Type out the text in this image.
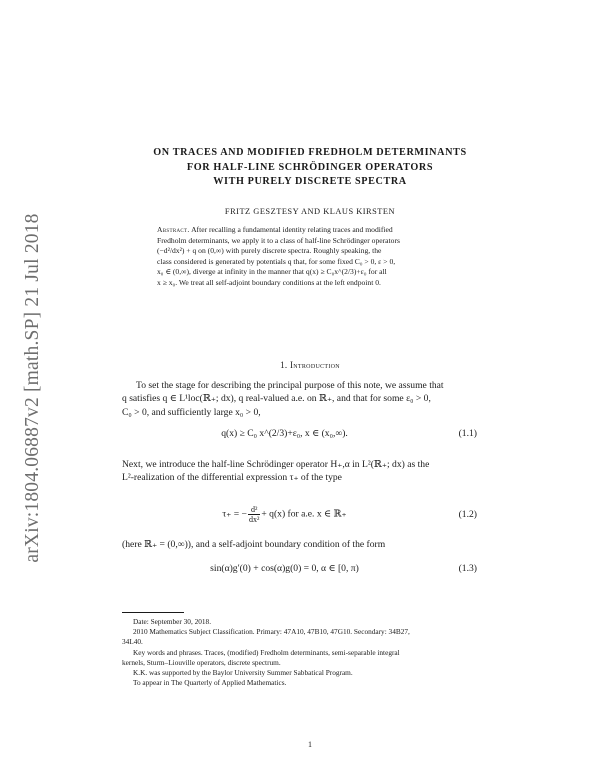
arXiv:1804.06887v2 [math.SP] 21 Jul 2018
ON TRACES AND MODIFIED FREDHOLM DETERMINANTS
FOR HALF-LINE SCHRÖDINGER OPERATORS
WITH PURELY DISCRETE SPECTRA
FRITZ GESZTESY AND KLAUS KIRSTEN
Abstract. After recalling a fundamental identity relating traces and modified
Fredholm determinants, we apply it to a class of half-line Schrödinger operators
(−d²/dx²) + q on (0,∞) with purely discrete spectra. Roughly speaking, the
class considered is generated by potentials q that, for some fixed C₀ > 0, ε > 0,
x₀ ∈ (0,∞), diverge at infinity in the manner that q(x) ≥ C₀x^(2/3)+ε₀ for all
x ≥ x₀. We treat all self-adjoint boundary conditions at the left endpoint 0.
1. Introduction
To set the stage for describing the principal purpose of this note, we assume that
q satisfies q ∈ L¹loc(ℝ₊; dx), q real-valued a.e. on ℝ₊, and that for some ε₀ > 0,
C₀ > 0, and sufficiently large x₀ > 0,
q(x) ≥ C₀ x^(2/3)+ε₀, x ∈ (x₀,∞).	(1.1)
Next, we introduce the half-line Schrödinger operator H₊,α in L²(ℝ₊; dx) as the
L²-realization of the differential expression τ₊ of the type
τ₊ = − $\frac{\text{d²}}{\text{dx²}} + q(x)$ for a.e. x ∈ ℝ₊	(1.2)
(here ℝ₊ = (0,∞)), and a self-adjoint boundary condition of the form
sin(α)g′(0) + cos(α)g(0) = 0, α ∈ [0, π)	(1.3)
Date: September 30, 2018.
2010 Mathematics Subject Classification. Primary: 47A10, 47B10, 47G10. Secondary: 34B27,
34L40.
Key words and phrases. Traces, (modified) Fredholm determinants, semi-separable integral
kernels, Sturm–Liouville operators, discrete spectrum.
K.K. was supported by the Baylor University Summer Sabbatical Program.
To appear in The Quarterly of Applied Mathematics.
1
